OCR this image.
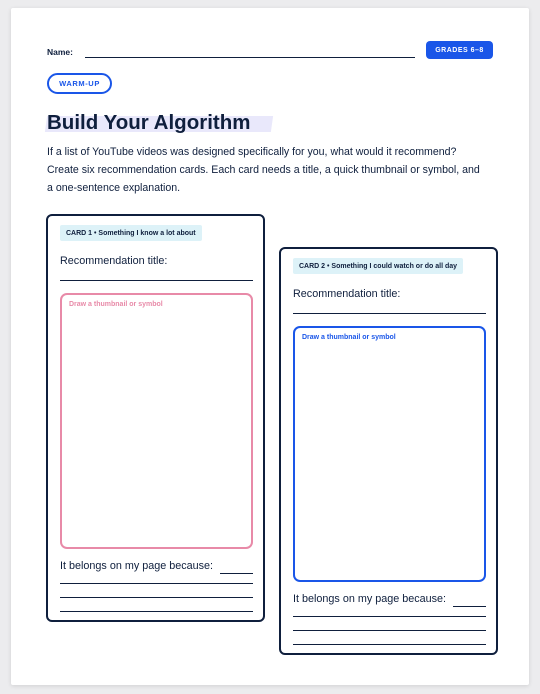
Name:	GRADES 6–8
WARM-UP
Build Your Algorithm

If a list of YouTube videos was designed specifically for you, what would it recommend? Create six recommendation cards. Each card needs a title, a quick thumbnail or symbol, and a one-sentence explanation.

CARD 1 • Something I know a lot about
Recommendation title:
Draw a thumbnail or symbol
It belongs on my page because:
CARD 2 • Something I could watch or do all day
Recommendation title:
Draw a thumbnail or symbol
It belongs on my page because:
